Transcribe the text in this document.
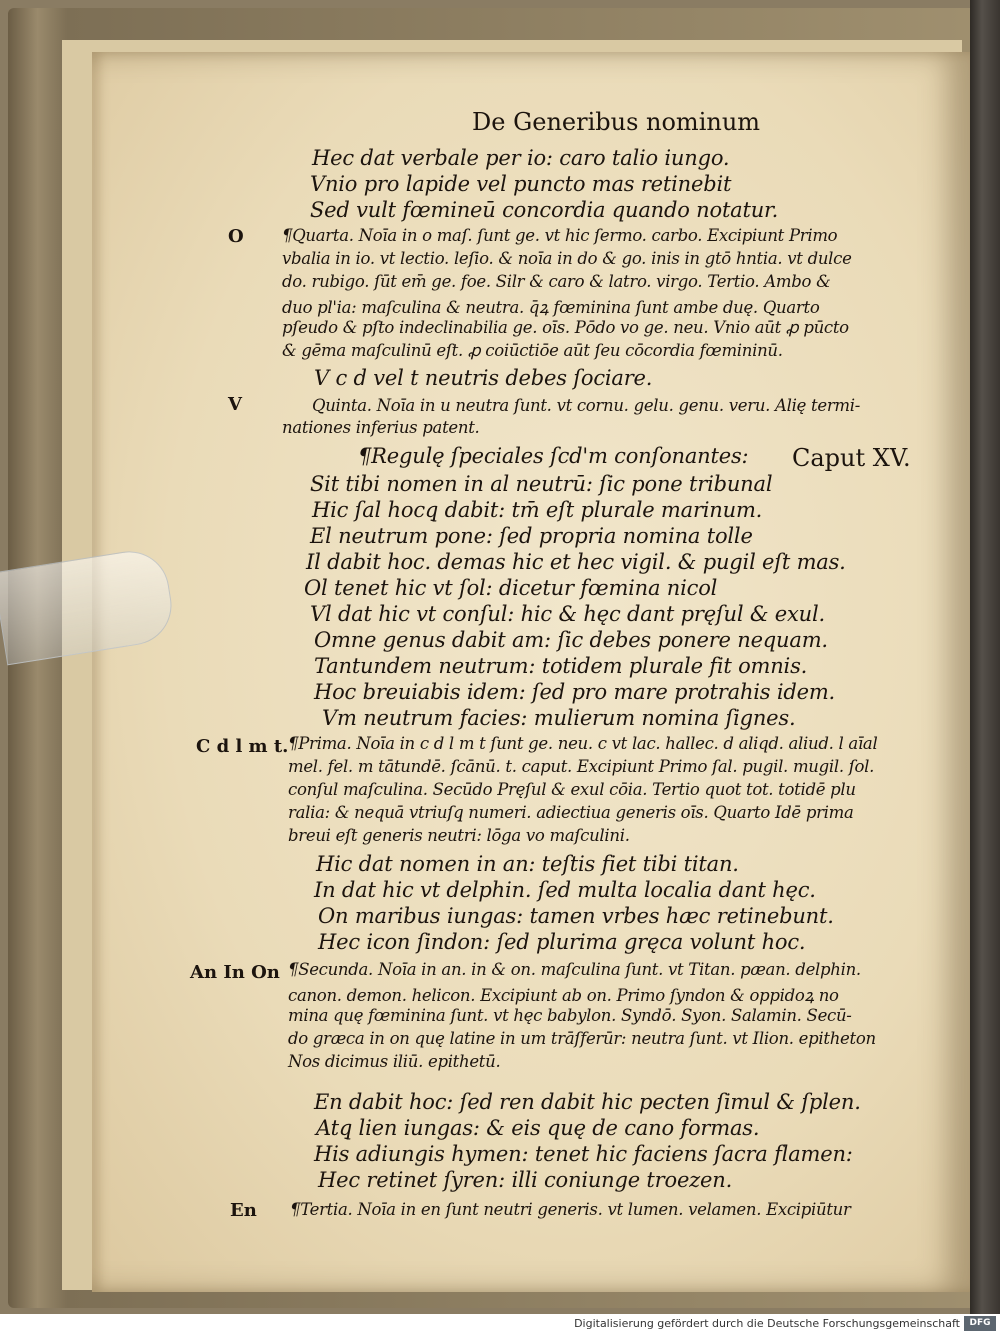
De Generibus nominum

Hec dat verbale per io: caro talio iungo.

Vnio pro lapide vel puncto mas retinebit

Sed vult fœmineū concordia quando notatur.

O ¶Quarta. Noīa in o maſ. ſunt ge. vt hic ſermo. carbo. Excipiunt Primo

vbalia in io. vt lectio. leſio. & noīa in do & go. inis in gtō hntia. vt dulce

do. rubigo. ſūt em̄ ge. foe. Silr & caro & latro. virgo. Tertio. Ambo &

duo pl'ia: maſculina & neutra. q̄ꝝ fœminina ſunt ambe duę. Quarto

pſeudo & pſto indeclinabilia ge. oīs. Pōdo vo ge. neu. Vnio aūt ꝓ pūcto

& gēma maſculinū eſt. ꝓ coiūctiōe aūt ſeu cōcordia fœmininū.

V c d vel t neutris debes ſociare.

V	Quinta. Noīa in u neutra ſunt. vt cornu. gelu. genu. veru. Alię termi-

nationes inferius patent.

¶Regulę ſpeciales ſcd'm conſonantes: Caput XV.

Sit tibi nomen in al neutrū: ſic pone tribunal

Hic ſal hocq̧ dabit: tm̄ eſt plurale marinum.

El neutrum pone: ſed propria nomina tolle

Il dabit hoc. demas hic et hec vigil. & pugil eſt mas.

Ol tenet hic vt ſol: dicetur fœmina nicol

Vl dat hic vt conſul: hic & hęc dant pręſul & exul.

Omne genus dabit am: ſic debes ponere nequam.

Tantundem neutrum: totidem plurale fit omnis.

Hoc breuiabis idem: ſed pro mare protrahis idem.

Vm neutrum facies: mulierum nomina ſignes.

C d l m t. ¶Prima. Noīa in c d l m t ſunt ge. neu. c vt lac. hallec. d aliqd. aliud. l aīal

mel. fel. m tātundē. ſcānū. t. caput. Excipiunt Primo ſal. pugil. mugil. ſol.

conſul maſculina. Secūdo Pręſul & exul cōia. Tertio quot tot. totidē plu

ralia: & nequā vtriuſq̧ numeri. adiectiua generis oīs. Quarto Idē prima

breui eſt generis neutri: lōga vo maſculini.

Hic dat nomen in an: teſtis fiet tibi titan.

In dat hic vt delphin. ſed multa localia dant hęc.

On maribus iungas: tamen vrbes hæc retinebunt.

Hec icon ſindon: ſed plurima gręca volunt hoc.

An In On ¶Secunda. Noīa in an. in & on. maſculina ſunt. vt Titan. pæan. delphin.

canon. demon. helicon. Excipiunt ab on. Primo ſyndon & oppidoꝝ no

mina quę fœminina ſunt. vt hęc babylon. Syndō. Syon. Salamin. Secū-

do græca in on quę latine in um trāſferūr: neutra ſunt. vt Ilion. epitheton

Nos dicimus iliū. epithetū.

En dabit hoc: ſed ren dabit hic pecten ſimul & ſplen.

Atq̧ lien iungas: & eis quę de cano formas.

His adiungis hymen: tenet hic faciens ſacra flamen:

Hec retinet ſyren: illi coniunge troezen.

En ¶Tertia. Noīa in en ſunt neutri generis. vt lumen. velamen. Excipiūtur

Digitalisierung gefördert durch die Deutsche Forschungsgemeinschaft	DFG
